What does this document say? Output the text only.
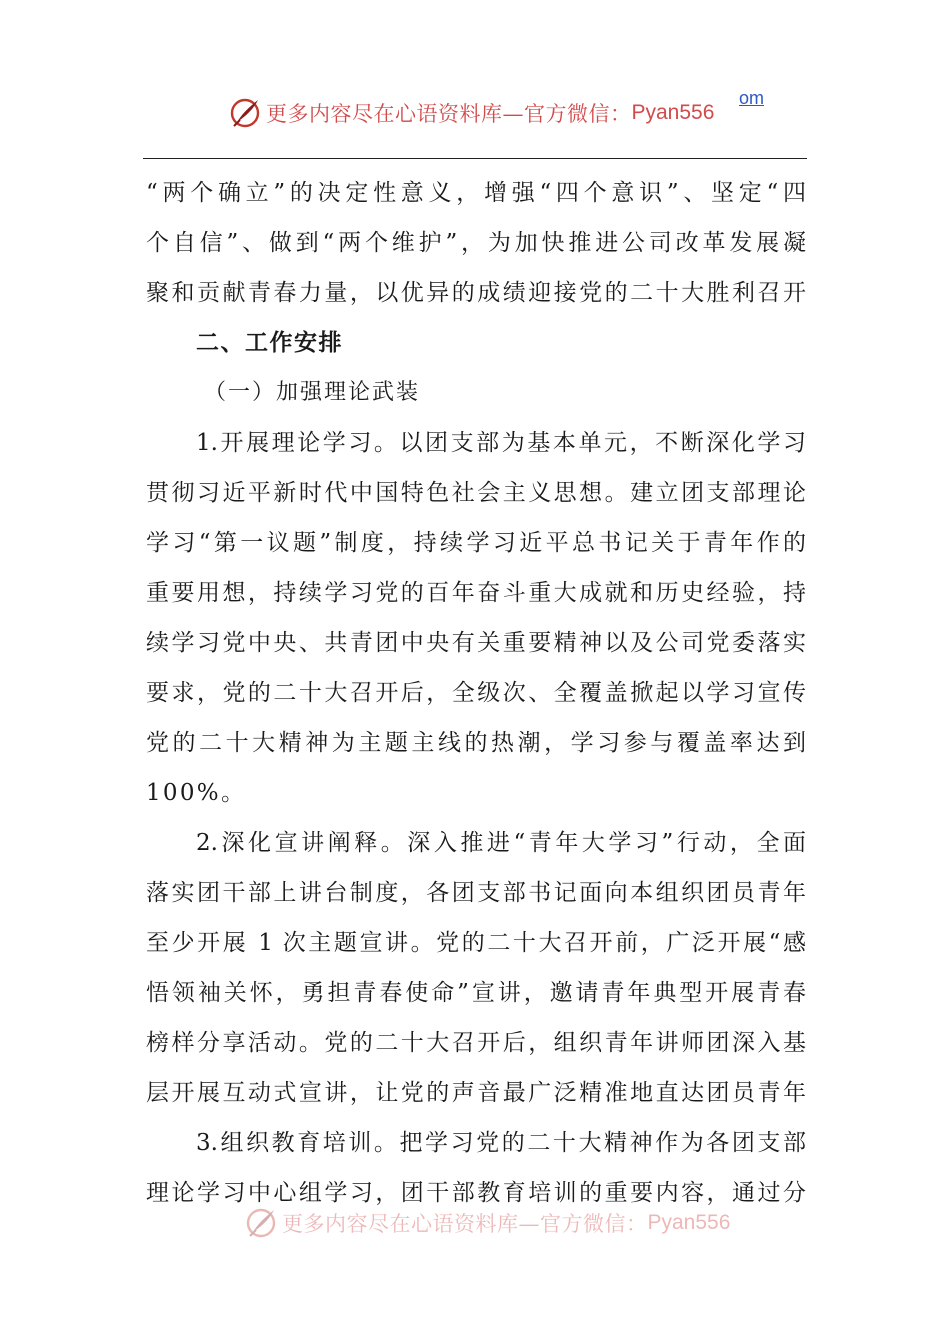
更多内容尽在心语资料库—官方微信： Pyan556
om
“两个确立”的决定性意义，增强“四个意识”、坚定“四
个自信”、做到“两个维护”，为加快推进公司改革发展凝
聚和贡献青春力量，以优异的成绩迎接党的二十大胜利召开
二、工作安排
（一）加强理论武装
1.开展理论学习。以团支部为基本单元，不断深化学习
贯彻习近平新时代中国特色社会主义思想。建立团支部理论
学习“第一议题”制度，持续学习近平总书记关于青年作的
重要用想，持续学习党的百年奋斗重大成就和历史经验，持
续学习党中央、共青团中央有关重要精神以及公司党委落实
要求，党的二十大召开后，全级次、全覆盖掀起以学习宣传
党的二十大精神为主题主线的热潮，学习参与覆盖率达到
100%。
2.深化宣讲阐释。深入推进“青年大学习”行动，全面
落实团干部上讲台制度，各团支部书记面向本组织团员青年
至少开展 1 次主题宣讲。党的二十大召开前，广泛开展“感
悟领袖关怀，勇担青春使命”宣讲，邀请青年典型开展青春
榜样分享活动。党的二十大召开后，组织青年讲师团深入基
层开展互动式宣讲，让党的声音最广泛精准地直达团员青年
3.组织教育培训。把学习党的二十大精神作为各团支部
理论学习中心组学习，团干部教育培训的重要内容，通过分
更多内容尽在心语资料库—官方微信： Pyan556
